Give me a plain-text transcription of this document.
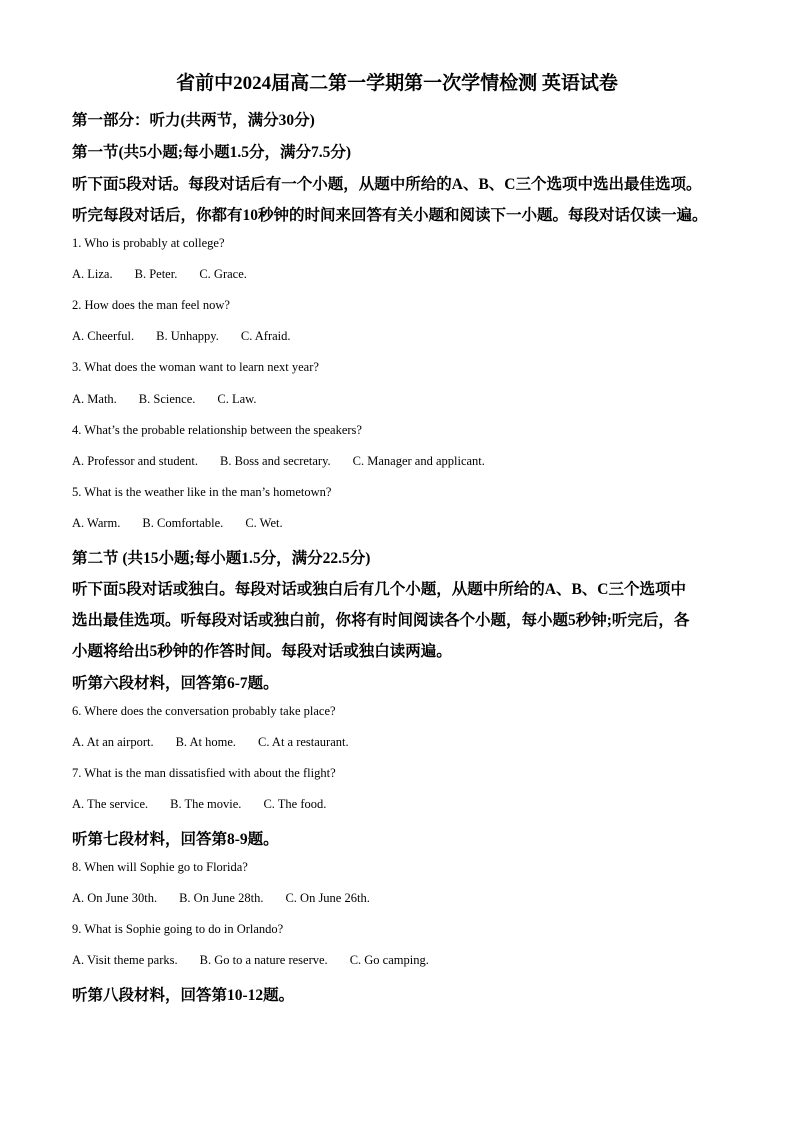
省前中2024届高二第一学期第一次学情检测 英语试卷
第一部分：听力(共两节，满分30分)
第一节(共5小题;每小题1.5分，满分7.5分)
听下面5段对话。每段对话后有一个小题，从题中所给的A、B、C三个选项中选出最佳选项。
听完每段对话后，你都有10秒钟的时间来回答有关小题和阅读下一小题。每段对话仅读一遍。
1. Who is probably at college?
A. Liza. B. Peter. C. Grace.
2. How does the man feel now?
A. Cheerful. B. Unhappy. C. Afraid.
3. What does the woman want to learn next year?
A. Math. B. Science. C. Law.
4. What’s the probable relationship between the speakers?
A. Professor and student. B. Boss and secretary. C. Manager and applicant.
5. What is the weather like in the man’s hometown?
A. Warm. B. Comfortable. C. Wet.
第二节 (共15小题;每小题1.5分，满分22.5分)
听下面5段对话或独白。每段对话或独白后有几个小题，从题中所给的A、B、C三个选项中
选出最佳选项。听每段对话或独白前，你将有时间阅读各个小题，每小题5秒钟;听完后，各
小题将给出5秒钟的作答时间。每段对话或独白读两遍。
听第六段材料，回答第6-7题。
6. Where does the conversation probably take place?
A. At an airport. B. At home. C. At a restaurant.
7. What is the man dissatisfied with about the flight?
A. The service. B. The movie. C. The food.
听第七段材料，回答第8-9题。
8. When will Sophie go to Florida?
A. On June 30th. B. On June 28th. C. On June 26th.
9. What is Sophie going to do in Orlando?
A. Visit theme parks. B. Go to a nature reserve. C. Go camping.
听第八段材料，回答第10-12题。
